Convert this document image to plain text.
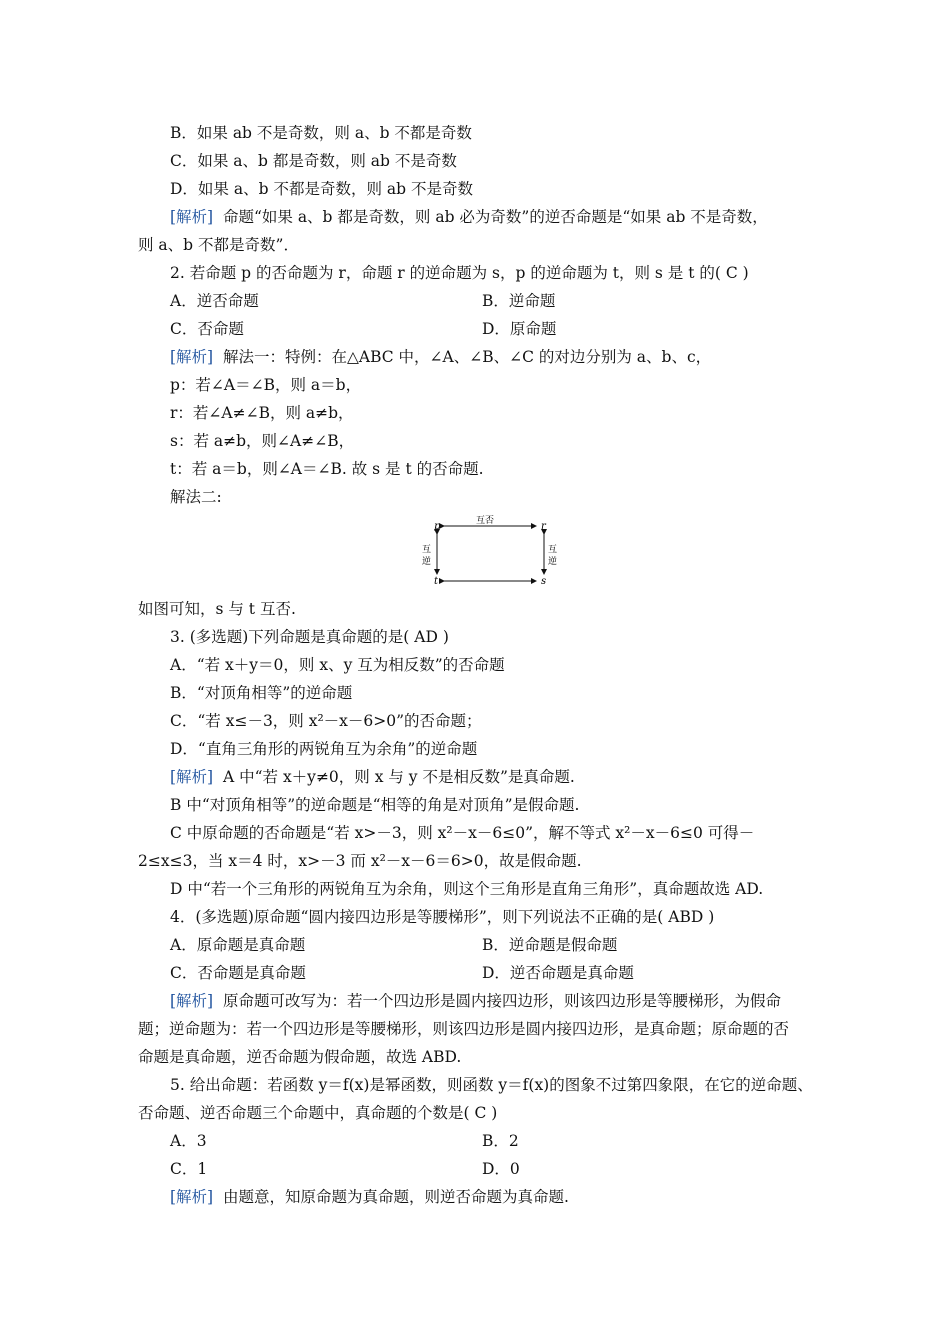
B．如果 ab 不是奇数，则 a、b 不都是奇数
C．如果 a、b 都是奇数，则 ab 不是奇数
D．如果 a、b 不都是奇数，则 ab 不是奇数
[解析] 命题“如果 a、b 都是奇数，则 ab 必为奇数”的逆否命题是“如果 ab 不是奇数，
则 a、b 不都是奇数”．
2. 若命题 p 的否命题为 r，命题 r 的逆命题为 s，p 的逆命题为 t，则 s 是 t 的( C )
A．逆否命题	B．逆命题
C．否命题	D．原命题
[解析] 解法一：特例：在△ABC 中，∠A、∠B、∠C 的对边分别为 a、b、c，
p：若∠A＝∠B，则 a＝b，
r：若∠A≠∠B，则 a≠b，
s：若 a≠b，则∠A≠∠B，
t：若 a＝b，则∠A＝∠B. 故 s 是 t 的否命题.
解法二:
p	r
t	s
互否
互
逆
互
逆
如图可知，s 与 t 互否.
3. (多选题)下列命题是真命题的是( AD )
A．“若 x＋y＝0，则 x、y 互为相反数”的否命题
B．“对顶角相等”的逆命题
C．“若 x≤－3，则 x²－x－6>0”的否命题；
D．“直角三角形的两锐角互为余角”的逆命题
[解析] A 中“若 x＋y≠0，则 x 与 y 不是相反数”是真命题.
B 中“对顶角相等”的逆命题是“相等的角是对顶角”是假命题.
C 中原命题的否命题是“若 x>－3，则 x²－x－6≤0”，解不等式 x²－x－6≤0 可得－
2≤x≤3，当 x＝4 时，x>－3 而 x²－x－6＝6>0，故是假命题.
D 中“若一个三角形的两锐角互为余角，则这个三角形是直角三角形”，真命题故选 AD.
4．(多选题)原命题“圆内接四边形是等腰梯形”，则下列说法不正确的是( ABD )
A．原命题是真命题	B．逆命题是假命题
C．否命题是真命题	D．逆否命题是真命题
[解析] 原命题可改写为：若一个四边形是圆内接四边形，则该四边形是等腰梯形，为假命
题；逆命题为：若一个四边形是等腰梯形，则该四边形是圆内接四边形，是真命题；原命题的否
命题是真命题，逆否命题为假命题，故选 ABD.
5. 给出命题：若函数 y＝f(x)是幂函数，则函数 y＝f(x)的图象不过第四象限，在它的逆命题、
否命题、逆否命题三个命题中，真命题的个数是( C )
A．3	B．2
C．1	D．0
[解析] 由题意，知原命题为真命题，则逆否命题为真命题.
